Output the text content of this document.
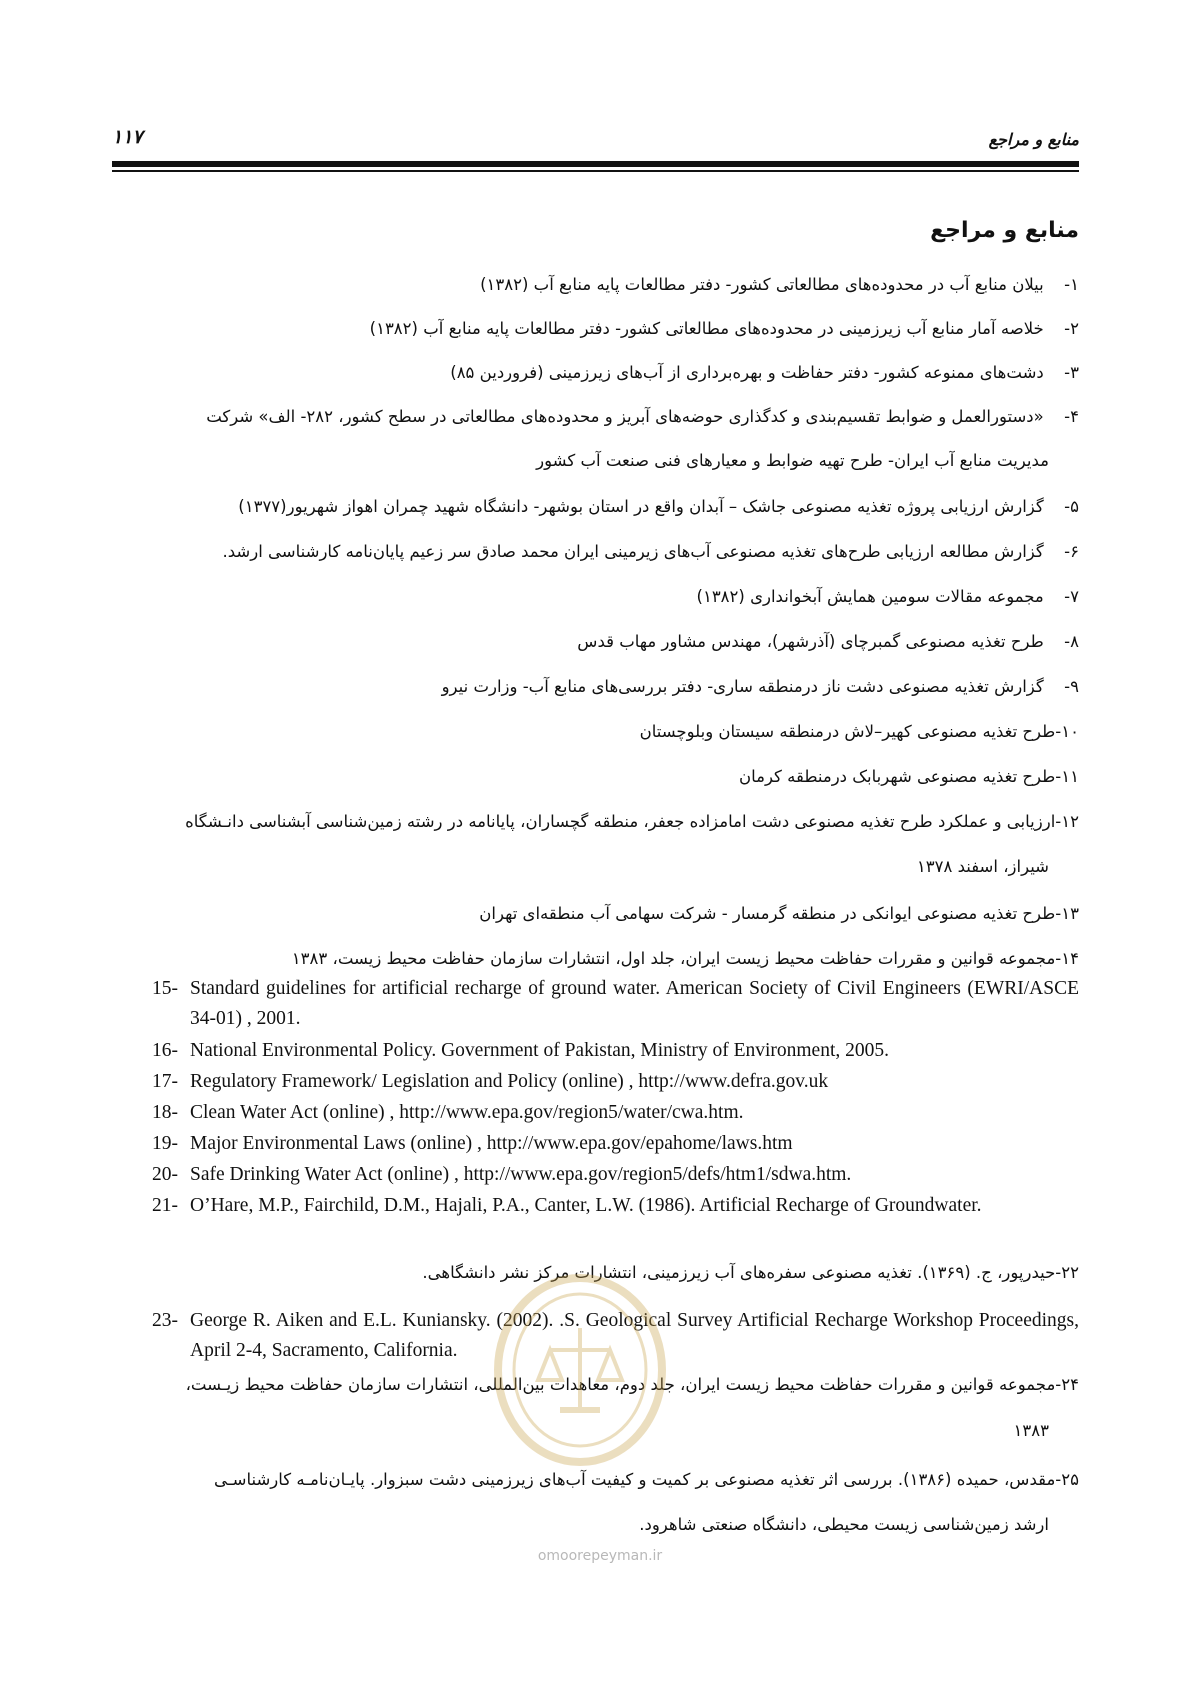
منابع و مراجع
۱۱۷
منابع و مراجع
۱- بیلان منابع آب در محدوده‌های مطالعاتی کشور- دفتر مطالعات پایه منابع آب (۱۳۸۲)
۲- خلاصه آمار منابع آب زیرزمینی در محدوده‌های مطالعاتی کشور- دفتر مطالعات پایه منابع آب (۱۳۸۲)
۳- دشت‌های ممنوعه کشور- دفتر حفاظت و بهره‌برداری از آب‌های زیرزمینی (فروردین ۸۵)
۴- «دستورالعمل و ضوابط تقسیم‌بندی و کدگذاری حوضه‌های آبریز و محدوده‌های مطالعاتی در سطح کشور، ۲۸۲- الف» شرکت
مدیریت منابع آب ایران- طرح تهیه ضوابط و معیارهای فنی صنعت آب کشور
۵- گزارش ارزیابی پروژه تغذیه مصنوعی جاشک – آبدان واقع در استان بوشهر- دانشگاه شهید چمران اهواز شهریور(۱۳۷۷)
۶- گزارش مطالعه ارزیابی طرح‌های تغذیه مصنوعی آب‌های زیرمینی ایران محمد صادق سر زعیم پایان‌نامه کارشناسی ارشد.
۷- مجموعه مقالات سومین همایش آبخوانداری (۱۳۸۲)
۸- طرح تغذیه مصنوعی گمبرچای (آذرشهر)، مهندس مشاور مهاب قدس
۹- گزارش تغذیه مصنوعی دشت ناز درمنطقه ساری- دفتر بررسی‌های منابع آب- وزارت نیرو
۱۰-طرح تغذیه مصنوعی کهیر–لاش درمنطقه سیستان وبلوچستان
۱۱-طرح تغذیه مصنوعی شهربابک درمنطقه کرمان
۱۲-ارزیابی و عملکرد طرح تغذیه مصنوعی دشت امامزاده جعفر، منطقه گچساران، پایانامه در رشته زمین‌شناسی آبشناسی دانـشگاه
شیراز، اسفند ۱۳۷۸
۱۳-طرح تغذیه مصنوعی ایوانکی در منطقه گرمسار - شرکت سهامی آب منطقه‌ای تهران
۱۴-مجموعه قوانین و مقررات حفاظت محیط زیست ایران، جلد اول، انتشارات سازمان حفاظت محیط زیست، ۱۳۸۳
15- Standard guidelines for artificial recharge of ground water. American Society of Civil Engineers (EWRI/ASCE 34-01) , 2001.
16- National Environmental Policy. Government of Pakistan, Ministry of Environment, 2005.
17- Regulatory Framework/ Legislation and Policy (online) , http://www.defra.gov.uk
18- Clean Water Act (online) , http://www.epa.gov/region5/water/cwa.htm.
19- Major Environmental Laws (online) , http://www.epa.gov/epahome/laws.htm
20- Safe Drinking Water Act (online) , http://www.epa.gov/region5/defs/htm1/sdwa.htm.
21- O’Hare, M.P., Fairchild, D.M., Hajali, P.A., Canter, L.W. (1986). Artificial Recharge of Groundwater.
۲۲-حیدرپور، ج. (۱۳۶۹). تغذیه مصنوعی سفره‌های آب زیرزمینی، انتشارات مرکز نشر دانشگاهی.
23- George R. Aiken and E.L. Kuniansky. (2002). .S. Geological Survey Artificial Recharge Workshop Proceedings, April 2-4, Sacramento, California.
۲۴-مجموعه قوانین و مقررات حفاظت محیط زیست ایران، جلد دوم، معاهدات بین‌المللی، انتشارات سازمان حفاظت محیط زیـست،
۱۳۸۳
۲۵-مقدس، حمیده (۱۳۸۶). بررسی اثر تغذیه مصنوعی بر کمیت و کیفیت آب‌های زیرزمینی دشت سبزوار. پایـان‌نامـه کارشناسـی
ارشد زمین‌شناسی زیست محیطی، دانشگاه صنعتی شاهرود.
omoorepeyman.ir
